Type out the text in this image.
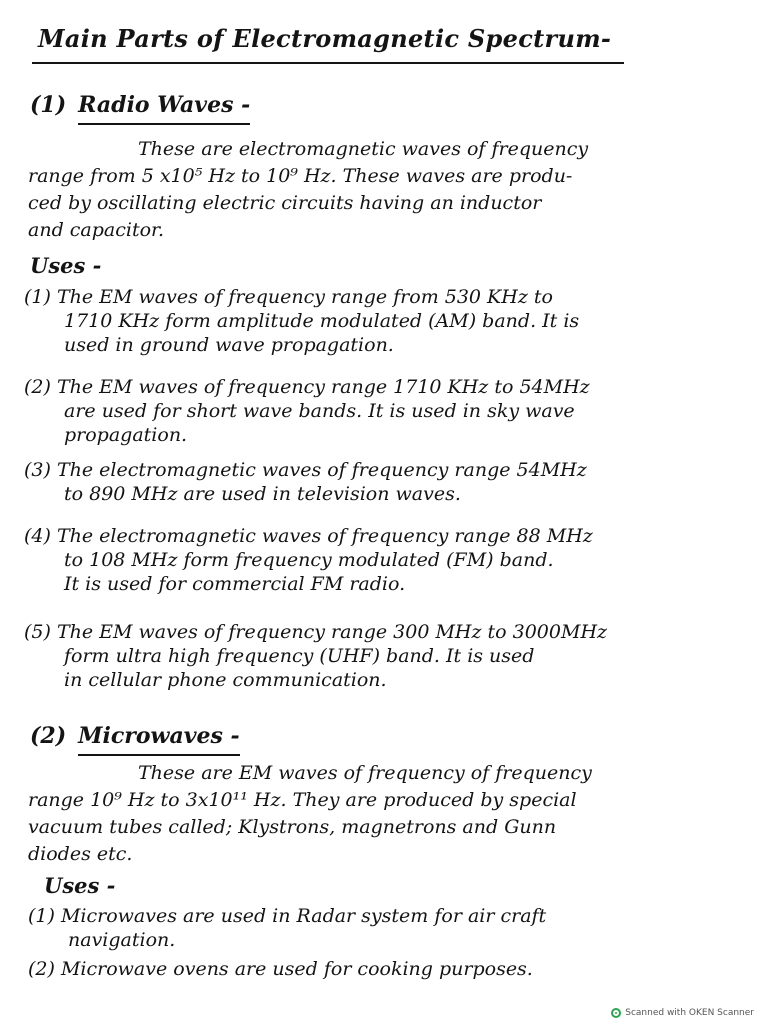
Main Parts of Electromagnetic Spectrum-
(1) Radio Waves -
These are electromagnetic waves of frequency
range from 5 x10⁵ Hz to 10⁹ Hz. These waves are produ-
ced by oscillating electric circuits having an inductor
and capacitor.
Uses -
(1) The EM waves of frequency range from 530 KHz to
1710 KHz form amplitude modulated (AM) band. It is
used in ground wave propagation.
(2) The EM waves of frequency range 1710 KHz to 54MHz
are used for short wave bands. It is used in sky wave
propagation.
(3) The electromagnetic waves of frequency range 54MHz
to 890 MHz are used in television waves.
(4) The electromagnetic waves of frequency range 88 MHz
to 108 MHz form frequency modulated (FM) band.
It is used for commercial FM radio.
(5) The EM waves of frequency range 300 MHz to 3000MHz
form ultra high frequency (UHF) band. It is used
in cellular phone communication.
(2) Microwaves -
These are EM waves of frequency of frequency
range 10⁹ Hz to 3x10¹¹ Hz. They are produced by special
vacuum tubes called; Klystrons, magnetrons and Gunn
diodes etc.
Uses -
(1) Microwaves are used in Radar system for air craft
navigation.
(2) Microwave ovens are used for cooking purposes.
Scanned with OKEN Scanner
